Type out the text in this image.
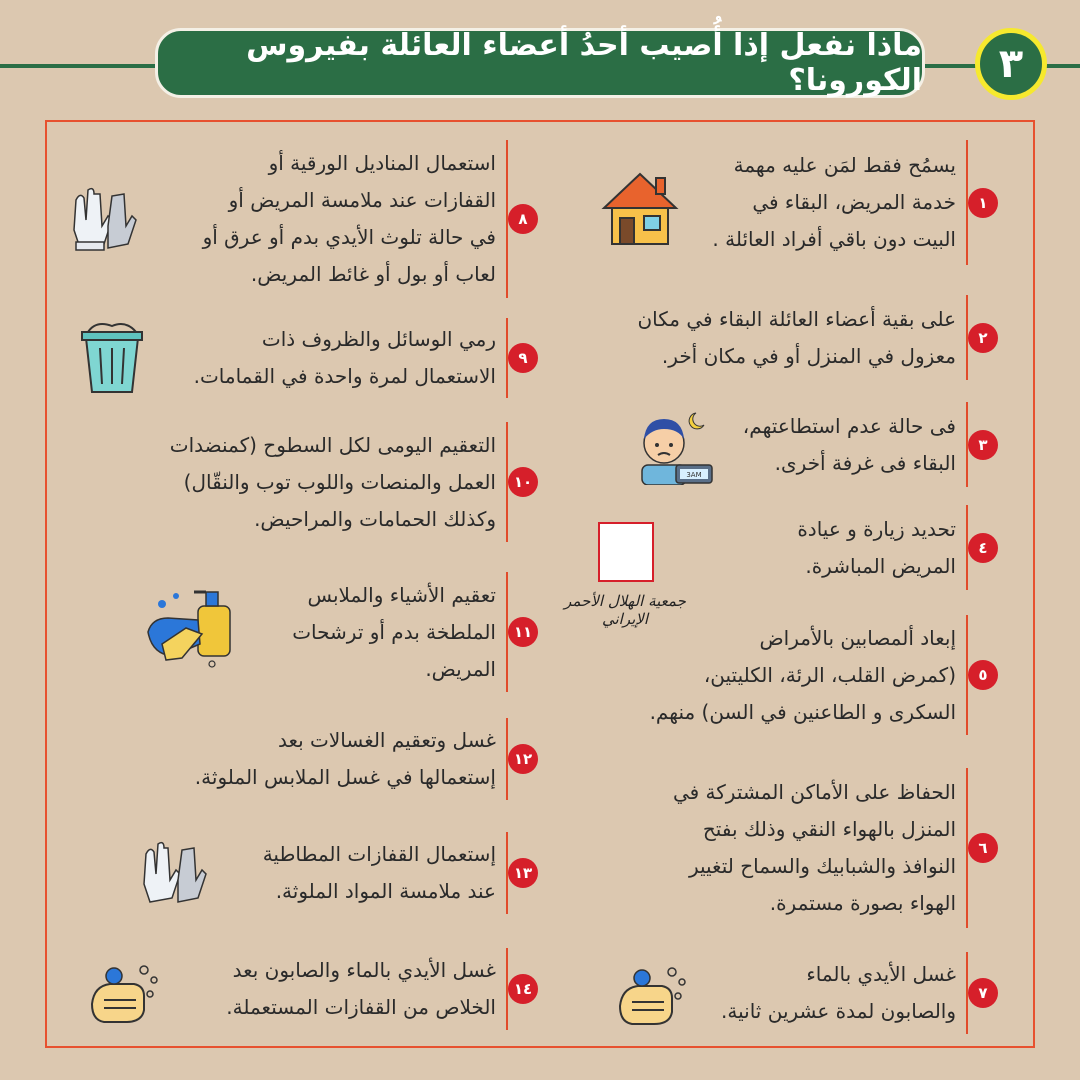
ماذا نفعل إذا أُصيب أحدُ أعضاء العائلة بفيروس الكورونا؟ ٣
١
يسمُح فقط لمَن عليه مهمة
خدمة المريض، البقاء في
البيت دون باقي أفراد العائلة .
٢
على بقية أعضاء العائلة البقاء في مكان
معزول في المنزل أو في مكان أخر.
٣
فى حالة عدم استطاعتهم،
البقاء فى غرفة أخرى.
٤
تحديد زيارة و عيادة
المريض المباشرة.
٥
إبعاد ألمصابين بالأمراض
(كمرض القلب، الرئة، الكليتين،
السكرى و الطاعنين في السن) منهم.
٦
الحفاظ على الأماكن المشتركة في
المنزل بالهواء النقي وذلك بفتح
النوافذ والشبابيك والسماح لتغيير
الهواء بصورة مستمرة.
٧
غسل الأيدي بالماء
والصابون لمدة عشرين ثانية.
٨
استعمال المناديل الورقية أو
القفازات عند ملامسة المريض أو
في حالة تلوث الأيدي بدم أو عرق أو
لعاب أو بول أو غائط المريض.
٩
رمي الوسائل والظروف ذات
الاستعمال لمرة واحدة في القمامات.
١٠
التعقيم اليومى لكل السطوح (كمنضدات
العمل والمنصات واللوب توب والنقّال)
وكذلك الحمامات والمراحيض.
١١
تعقيم الأشياء والملابس
الملطخة بدم أو ترشحات
المريض.
١٢
غسل وتعقيم الغسالات بعد
إستعمالها في غسل الملابس الملوثة.
١٣
إستعمال القفازات المطاطية
عند ملامسة المواد الملوثة.
١٤
غسل الأيدي بالماء والصابون بعد
الخلاص من القفازات المستعملة.
3AM
جمعية الهلال الأحمر الإيراني
